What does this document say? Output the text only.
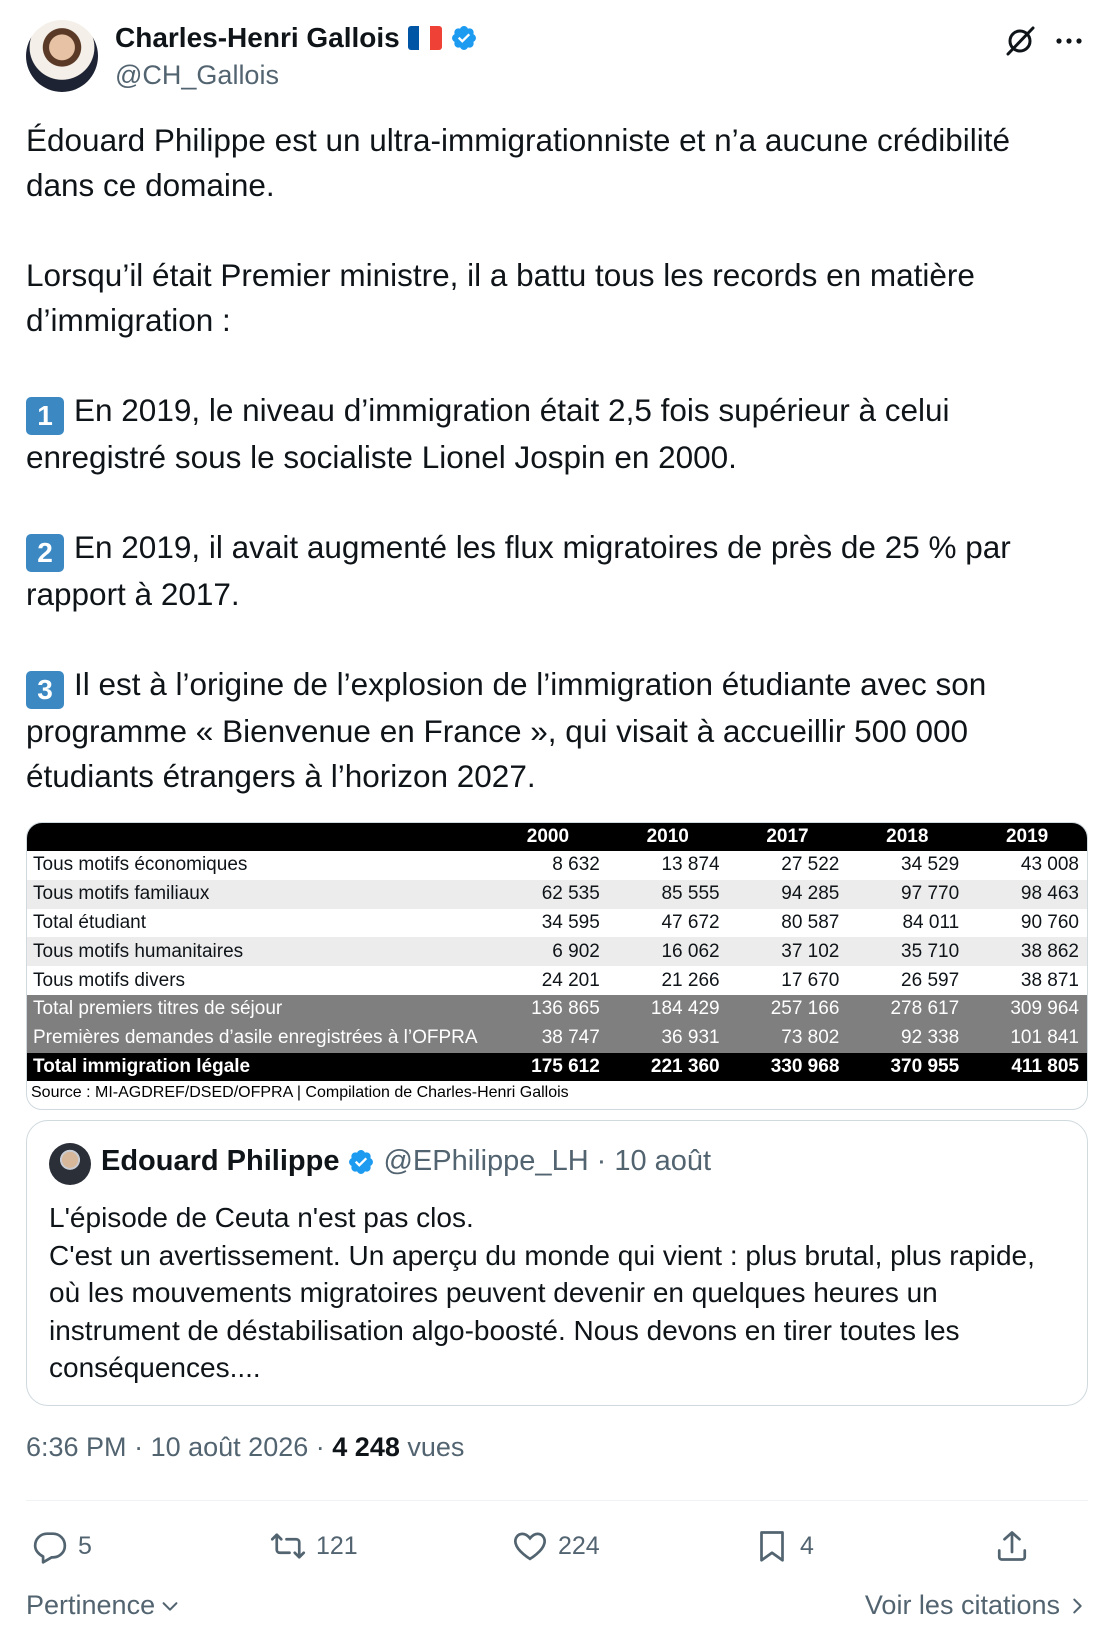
Charles-Henri Gallois
@CH_Gallois

Édouard Philippe est un ultra-immigrationniste et n’a aucune crédibilité dans ce domaine.

Lorsqu’il était Premier ministre, il a battu tous les records en matière d’immigration :

1 En 2019, le niveau d’immigration était 2,5 fois supérieur à celui enregistré sous le socialiste Lionel Jospin en 2000.

2 En 2019, il avait augmenté les flux migratoires de près de 25 % par rapport à 2017.

3 Il est à l’origine de l’explosion de l’immigration étudiante avec son programme « Bienvenue en France », qui visait à accueillir 500 000 étudiants étrangers à l’horizon 2027.

	2000	2010	2017	2018	2019
Tous motifs économiques	8 632	13 874	27 522	34 529	43 008
Tous motifs familiaux	62 535	85 555	94 285	97 770	98 463
Total étudiant	34 595	47 672	80 587	84 011	90 760
Tous motifs humanitaires	6 902	16 062	37 102	35 710	38 862
Tous motifs divers	24 201	21 266	17 670	26 597	38 871
Total premiers titres de séjour	136 865	184 429	257 166	278 617	309 964
Premières demandes d’asile enregistrées à l’OFPRA	38 747	36 931	73 802	92 338	101 841
Total immigration légale	175 612	221 360	330 968	370 955	411 805
Source : MI-AGDREF/DSED/OFPRA | Compilation de Charles-Henri Gallois
Edouard Philippe @EPhilippe_LH · 10 août
L'épisode de Ceuta n'est pas clos.
C'est un avertissement. Un aperçu du monde qui vient : plus brutal, plus rapide, où les mouvements migratoires peuvent devenir en quelques heures un instrument de déstabilisation algo-boosté. Nous devons en tirer toutes les conséquences....
6:36 PM · 10 août 2026 · 4 248 vues
5	121	224	4
Pertinence	Voir les citations
